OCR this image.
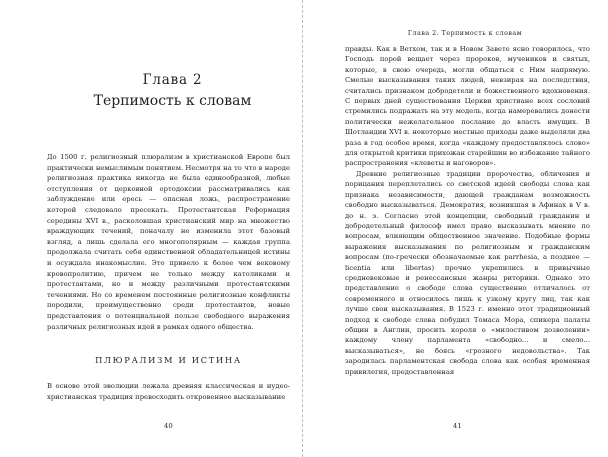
Глава 2
Терпимость к словам

До 1500 г. религиозный плюрализм в христианской Европе был практически немыслимым понятием. Несмотря на то что в народе религиозная практика никогда не была единообразной, любые отступления от церковной ортодоксии рассматривались как заблуждение или ересь — опасная ложь, распространение которой следовало пресекать. Протестантская Реформация середины XVI в., расколовшая христианский мир на множество враждующих течений, поначалу не изменила этот базовый взгляд, а лишь сделала его многополярным — каждая группа продолжала считать себя единственной обладательницей истины и осуждала инакомыслие. Это привело к более чем вековому кровопролитию, причем не только между католиками и протестантами, но и между различными протестантскими течениями. Но со временем постоянные религиозные конфликты породили, преимущественно среди протестантов, новые представления о потенциальной пользе свободного выражения различных религиозных идей в рамках одного общества.

ПЛЮРАЛИЗМ И ИСТИНА

В основе этой эволюции лежала древняя классическая и иудео-христианская традиция превосходить откровенное высказывание

40
Глава 2. Терпимость к словам

правды. Как в Ветхом, так и в Новом Завете ясно говорилось, что Господь порой вещает через пророков, мучеников и святых, которые, в свою очередь, могли общаться с Ним напрямую. Смелые высказывания таких людей, невзирая на последствия, считались признаком добродетели и божественного вдохновения. С первых дней существования Церкви христиане всех сословий стремились подражать на эту модель, когда намеревались донести политически нежелательное послание до власть имущих. В Шотландии XVI в. некоторые местные приходы даже выделяли два раза в год особое время, когда «каждому предоставлялось слово» для открытой критики прихожан старейшин во избежание тайного распространения «клеветы и наговоров».

Древние религиозные традиции пророчества, обличения и порицания переплетались со светской идеей свободы слова как признака независимости, дающей гражданам возможность свободно высказываться. Демократия, возникшая в Афинах в V в. до н. э. Согласно этой концепции, свободный гражданин и добродетельный философ имел право высказывать мнение по вопросам, влияющим общественное значение. Подобные формы выражения высказывания по религиозным и гражданским вопросам (по-гречески обозначаемые как parrhesia, а позднее — licentia или libertas) прочно укрепились в привычные средневековые и ренессансные жанры риторики. Однако это представление о свободе слова существенно отличалось от современного и относилось лишь к узкому кругу лиц, так как лучше свои высказывания. В 1523 г. именно этот традиционный подход к свободе слова побудил Томаса Мора, спикера палаты общин в Англии, просить короля о «милостивом дозволении» каждому члену парламента «свободно... и смело... высказываться», не боясь «грозного недовольства». Так зародилась парламентская свобода слова как особая временная привилегия, предоставленная

41
